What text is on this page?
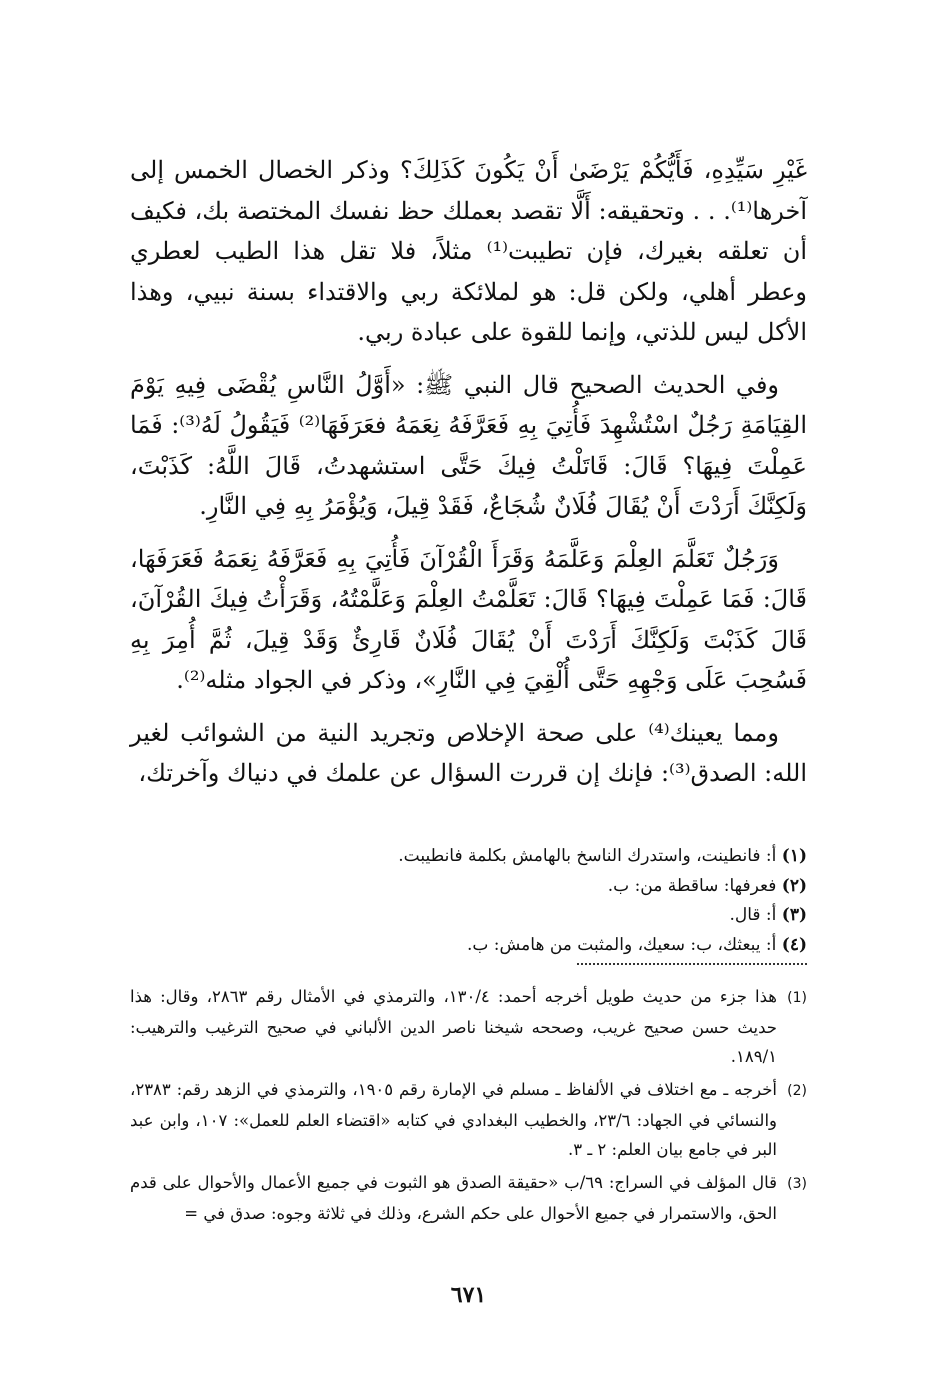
غَيْرِ سَيِّدِهِ، فَأَيُّكُمْ يَرْضَىٰ أَنْ يَكُونَ كَذَلِكَ؟ وذكر الخصال الخمس إلى آخرها⁽¹⁾. . . وتحقيقه: أَلَّا تقصد بعملك حظ نفسك المختصة بك، فكيف أن تعلقه بغيرك، فإن تطيبت⁽¹⁾ مثلاً، فلا تقل هذا الطيب لعطري وعطر أهلي، ولكن قل: هو لملائكة ربي والاقتداء بسنة نبيي، وهذا الأكل ليس للذتي، وإنما للقوة على عبادة ربي.

وفي الحديث الصحيح قال النبي ﷺ: «أَوَّلُ النَّاسِ يُقْضَى فِيهِ يَوْمَ القِيَامَةِ رَجُلٌ اسْتُشْهِدَ فَأُتِيَ بِهِ فَعَرَّفَهُ نِعَمَهُ فعَرَفَهَا⁽²⁾ فَيَقُولُ لَهُ⁽³⁾: فَمَا عَمِلْتَ فِيهَا؟ قَالَ: قَاتَلْتُ فِيكَ حَتَّى استشهدتُ، قَالَ اللَّهُ: كَذَبْتَ، وَلَكِنَّكَ أَرَدْتَ أَنْ يُقَالَ فُلَانٌ شُجَاعٌ، فَقَدْ قِيلَ، وَيُؤْمَرُ بِهِ فِي النَّارِ.

وَرَجُلٌ تَعَلَّمَ العِلْمَ وَعَلَّمَهُ وَقَرَأَ الْقُرْآنَ فَأُتِيَ بِهِ فَعَرَّفَهُ نِعَمَهُ فَعَرَفَهَا، قَالَ: فَمَا عَمِلْتَ فِيهَا؟ قَالَ: تَعَلَّمْتُ العِلْمَ وَعَلَّمْتُهُ، وَقَرَأْتُ فِيكَ القُرْآنَ، قَالَ كَذَبْتَ وَلَكِنَّكَ أَرَدْتَ أَنْ يُقَالَ فُلَانٌ قَارِئٌ وَقَدْ قِيلَ، ثُمَّ أُمِرَ بِهِ فَسُحِبَ عَلَى وَجْهِهِ حَتَّى أُلْقِيَ فِي النَّارِ»، وذكر في الجواد مثله⁽²⁾.

ومما يعينك⁽⁴⁾ على صحة الإخلاص وتجريد النية من الشوائب لغير الله: الصدق⁽³⁾: فإنك إن قررت السؤال عن علمك في دنياك وآخرتك،

(١) أ: فانطينت، واستدرك الناسخ بالهامش بكلمة فانطيبت.
(٢) فعرفها: ساقطة من: ب.
(٣) أ: قال.
(٤) أ: يبعثك، ب: سعيك، والمثبت من هامش: ب.

(1)هذا جزء من حديث طويل أخرجه أحمد: ١٣٠/٤، والترمذي في الأمثال رقم ٢٨٦٣، وقال: هذا حديث حسن صحيح غريب، وصححه شيخنا ناصر الدين الألباني في صحيح الترغيب والترهيب: ١٨٩/١.

(2)أخرجه ـ مع اختلاف في الألفاظ ـ مسلم في الإمارة رقم ١٩٠٥، والترمذي في الزهد رقم: ٢٣٨٣، والنسائي في الجهاد: ٢٣/٦، والخطيب البغدادي في كتابه «اقتضاء العلم للعمل»: ١٠٧، وابن عبد البر في جامع بيان العلم: ٢ ـ ٣.

(3)قال المؤلف في السراج: ٦٩/ب «حقيقة الصدق هو الثبوت في جميع الأعمال والأحوال على قدم الحق، والاستمرار في جميع الأحوال على حكم الشرع، وذلك في ثلاثة وجوه: صدق في =

٦٧١
